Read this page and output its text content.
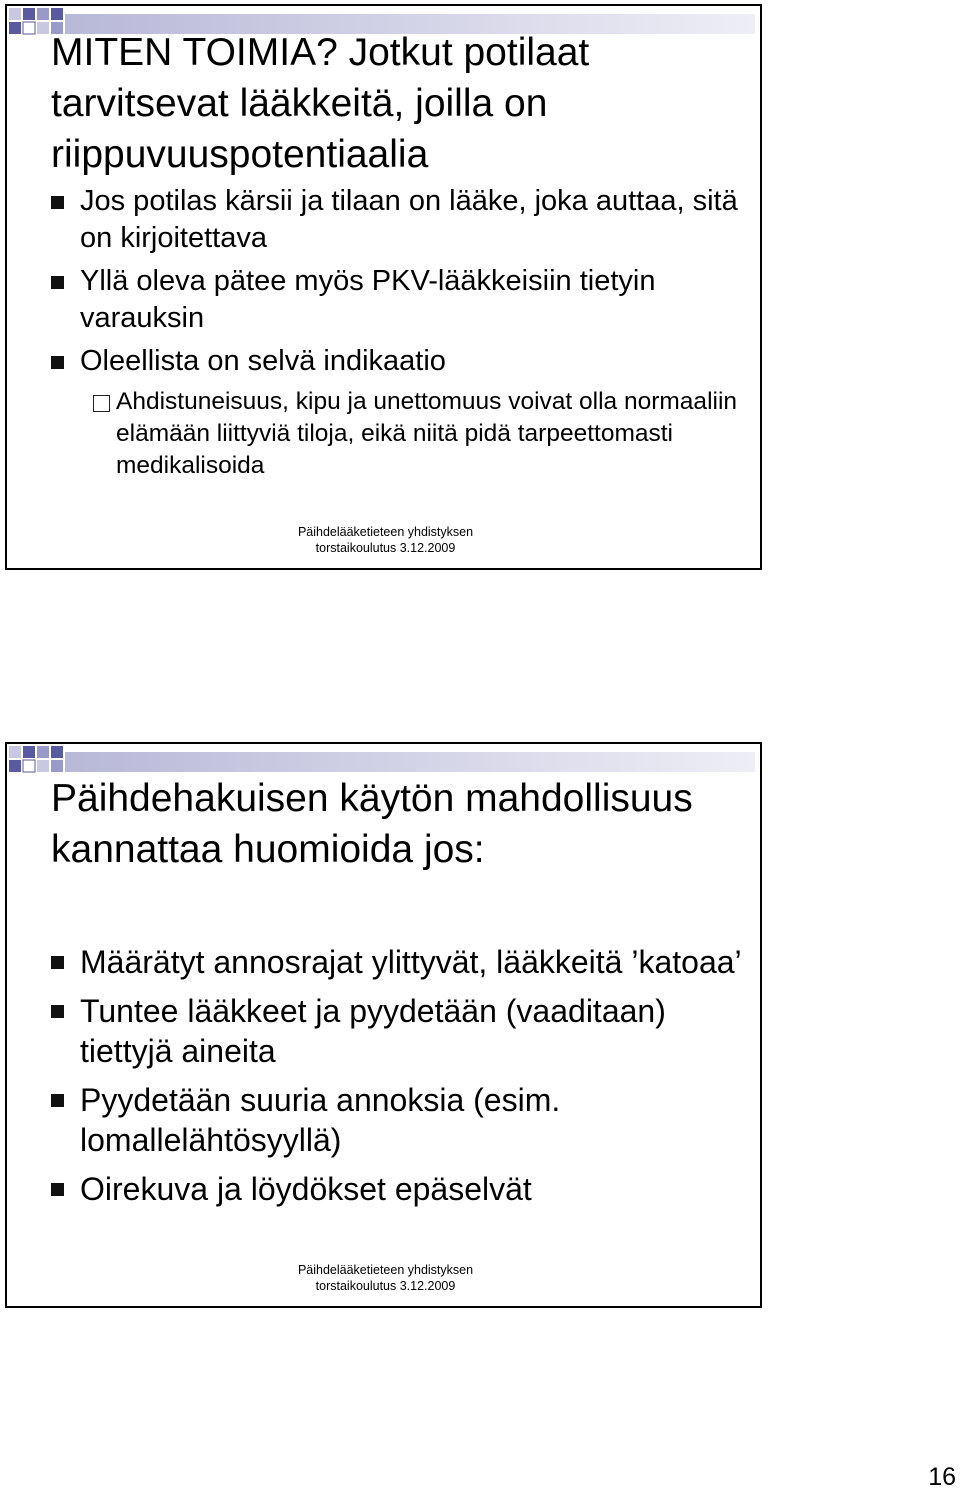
MITEN TOIMIA? Jotkut potilaat tarvitsevat lääkkeitä, joilla on riippuvuuspotentiaalia
Jos potilas kärsii ja tilaan on lääke, joka auttaa, sitä on kirjoitettava
Yllä oleva pätee myös PKV-lääkkeisiin tietyin varauksin
Oleellista on selvä indikaatio
Ahdistuneisuus, kipu ja unettomuus voivat olla normaaliin elämään liittyviä tiloja, eikä niitä pidä tarpeettomasti medikalisoida
Päihdelääketieteen yhdistyksen
torstaikoulutus 3.12.2009
Päihdehakuisen käytön mahdollisuus kannattaa huomioida jos:
Määrätyt annosrajat ylittyvät, lääkkeitä ’katoaa’
Tuntee lääkkeet ja pyydetään (vaaditaan) tiettyjä aineita
Pyydetään suuria annoksia (esim. lomallelähtösyyllä)
Oirekuva ja löydökset epäselvät
Päihdelääketieteen yhdistyksen
torstaikoulutus 3.12.2009
16
